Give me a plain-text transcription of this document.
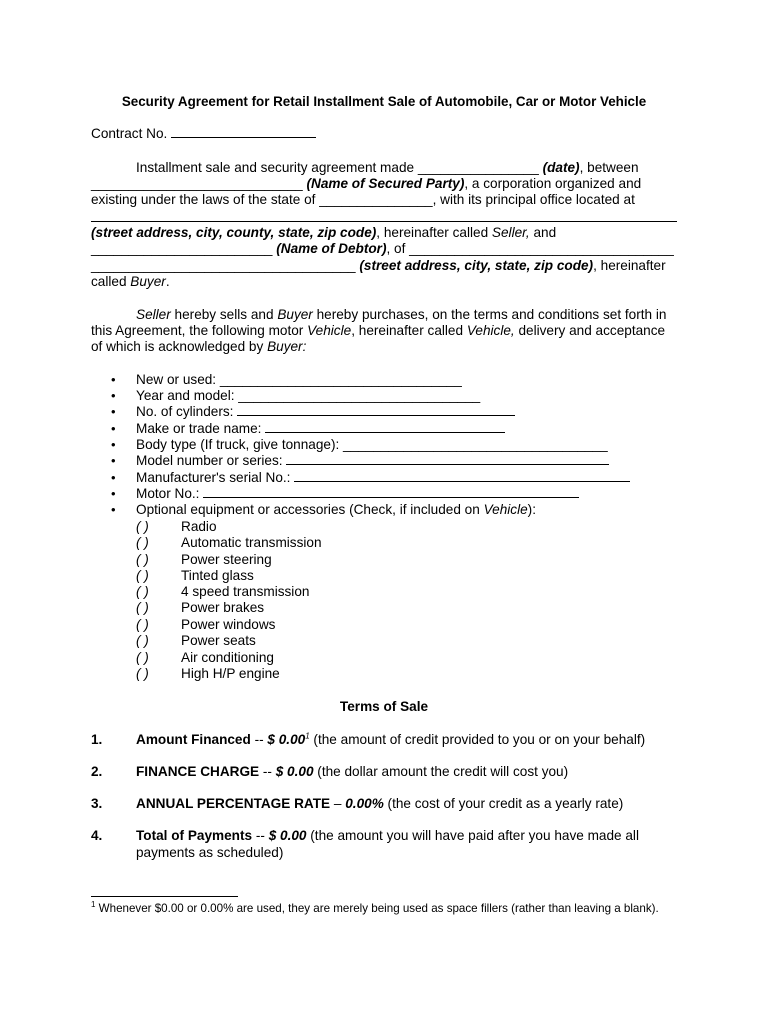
Security Agreement for Retail Installment Sale of Automobile, Car or Motor Vehicle
Contract No.
Installment sale and security agreement made ________________ (date), between
____________________________ (Name of Secured Party), a corporation organized and
existing under the laws of the state of _______________, with its principal office located at
(street address, city, county, state, zip code), hereinafter called Seller, and
________________________ (Name of Debtor), of ___________________________________
___________________________________ (street address, city, state, zip code), hereinafter
called Buyer.
Seller hereby sells and Buyer hereby purchases, on the terms and conditions set forth in
this Agreement, the following motor Vehicle, hereinafter called Vehicle, delivery and acceptance
of which is acknowledged by Buyer:
• New or used: ________________________________
• Year and model: ________________________________
• No. of cylinders:
• Make or trade name:
• Body type (If truck, give tonnage): ___________________________________
• Model number or series:
• Manufacturer's serial No.:
• Motor No.:
• Optional equipment or accessories (Check, if included on Vehicle):
( ) Radio
( ) Automatic transmission
( ) Power steering
( ) Tinted glass
( ) 4 speed transmission
( ) Power brakes
( ) Power windows
( ) Power seats
( ) Air conditioning
( ) High H/P engine
Terms of Sale
1. Amount Financed -- $ 0.00$^1$ (the amount of credit provided to you or on your behalf)
2. FINANCE CHARGE -- $ 0.00 (the dollar amount the credit will cost you)
3. ANNUAL PERCENTAGE RATE – 0.00% (the cost of your credit as a yearly rate)
4. Total of Payments -- $ 0.00 (the amount you will have paid after you have made all
payments as scheduled)
$^1$ Whenever $0.00 or 0.00% are used, they are merely being used as space fillers (rather than leaving a blank).
